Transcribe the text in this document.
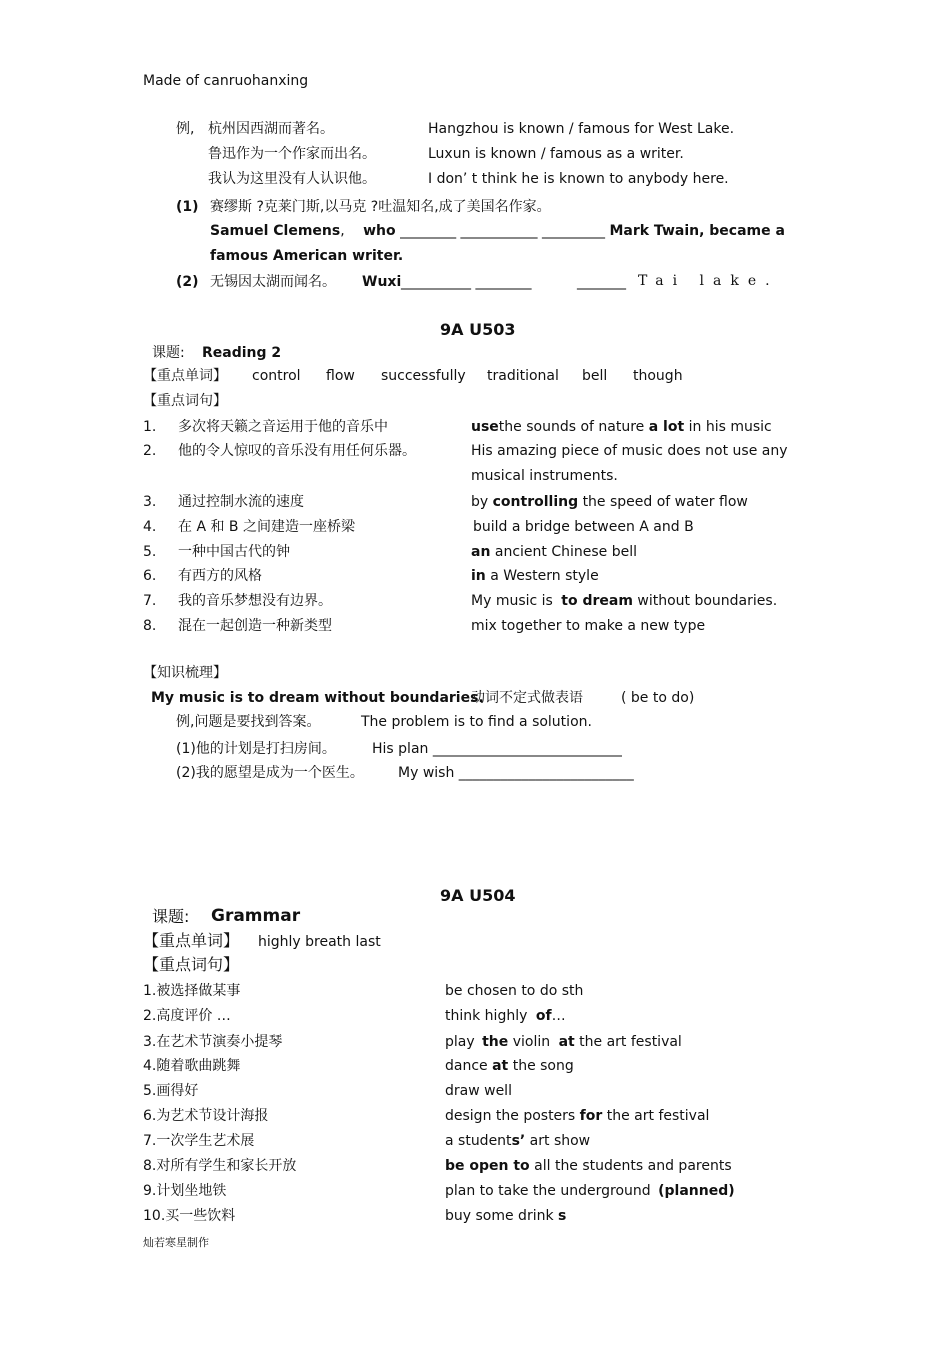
Made of canruohanxing
例, 杭州因西湖而著名。	Hangzhou is known / famous for West Lake.
鲁迅作为一个作家而出名。	Luxun is known / famous as a writer.
我认为这里没有人认识他。	I don’ t think he is known to anybody here.
(1) 赛缪斯 ?克莱门斯,以马克 ?吐温知名,成了美国名作家。
Samuel Clemens, who ________ ___________ _________ Mark Twain, became a
famous American writer.
(2) 无锡因太湖而闻名。 Wuxi __________ ________	_______ Tai lake.
9A U503
课题: Reading 2
【重点单词】 control flow successfully traditional bell though
【重点词句】
1. 多次将天籁之音运用于他的音乐中	usethe sounds of nature a lot in his music
2. 他的令人惊叹的音乐没有用任何乐器。	His amazing piece of music does not use any
musical instruments.
3. 通过控制水流的速度	by controlling the speed of water flow
4. 在 A 和 B 之间建造一座桥梁	build a bridge between A and B
5. 一种中国古代的钟	an ancient Chinese bell
6. 有西方的风格	in a Western style
7. 我的音乐梦想没有边界。	My music is to dream without boundaries.
8. 混在一起创造一种新类型	mix together to make a new type
【知识梳理】
My music is to dream without boundaries.
动词不定式做表语	( be to do)
例,问题是要找到答案。	The problem is to find a solution.
(1)他的计划是打扫房间。	His plan ___________________________
(2)我的愿望是成为一个医生。 My wish _________________________
9A U504
课题: Grammar
【重点单词】 highly breath last
【重点词句】
1.被选择做某事	be chosen to do sth
2.高度评价 …	think highly of…
3.在艺术节演奏小提琴	play the violin at the art festival
4.随着歌曲跳舞	dance at the song
5.画得好	draw well
6.为艺术节设计海报	design the posters for the art festival
7.一次学生艺术展	a students’ art show
8.对所有学生和家长开放	be open to all the students and parents
9.计划坐地铁	plan to take the underground (planned)
10.买一些饮料	buy some drink s
灿若寒星制作
